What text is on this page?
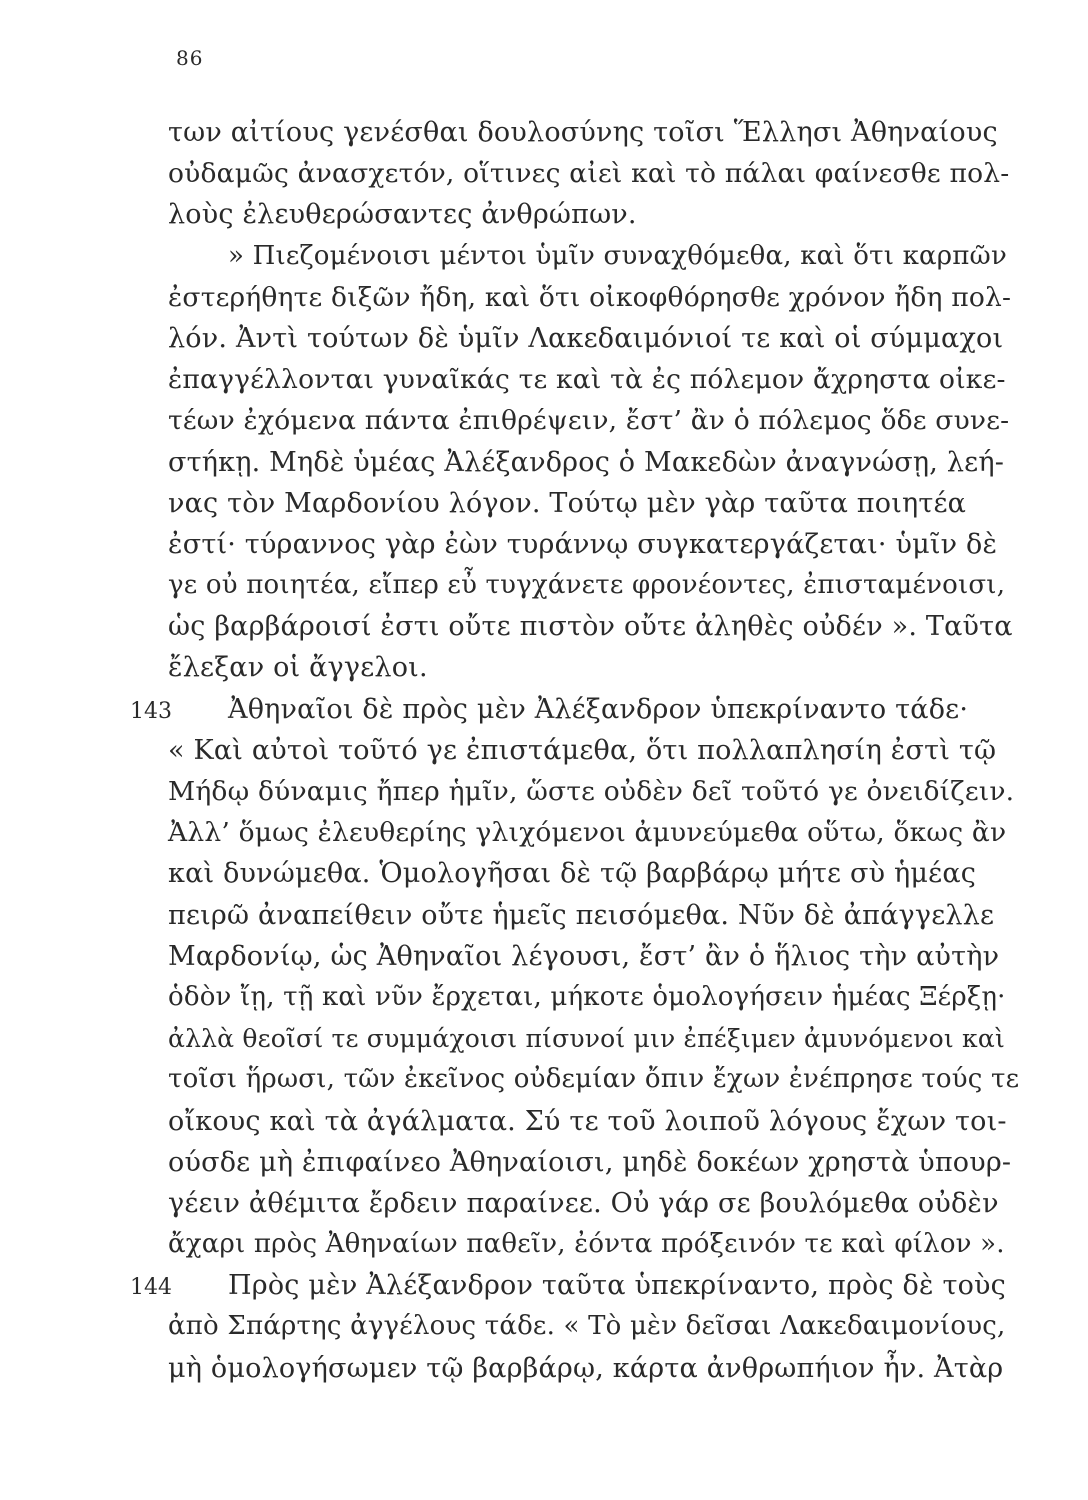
86
143
144
των αἰτίους γενέσθαι δουλοσύνης τοῖσι Ἕλλησι Ἀθηναίους
οὐδαμῶς ἀνασχετόν, οἵτινες αἰεὶ καὶ τὸ πάλαι φαίνεσθε πολ-
λοὺς ἐλευθερώσαντες ἀνθρώπων.
» Πιεζομένοισι μέντοι ὑμῖν συναχθόμεθα, καὶ ὅτι καρπῶν
ἐστερήθητε διξῶν ἤδη, καὶ ὅτι οἰκοφθόρησθε χρόνον ἤδη πολ-
λόν. Ἀντὶ τούτων δὲ ὑμῖν Λακεδαιμόνιοί τε καὶ οἱ σύμμαχοι
ἐπαγγέλλονται γυναῖκάς τε καὶ τὰ ἐς πόλεμον ἄχρηστα οἰκε-
τέων ἐχόμενα πάντα ἐπιθρέψειν, ἔστ’ ἂν ὁ πόλεμος ὅδε συνε-
στήκῃ. Μηδὲ ὑμέας Ἀλέξανδρος ὁ Μακεδὼν ἀναγνώσῃ, λεή-
νας τὸν Μαρδονίου λόγον. Τούτῳ μὲν γὰρ ταῦτα ποιητέα
ἐστί· τύραννος γὰρ ἐὼν τυράννῳ συγκατεργάζεται· ὑμῖν δὲ
γε οὐ ποιητέα, εἴπερ εὖ τυγχάνετε φρονέοντες, ἐπισταμένοισι,
ὡς βαρβάροισί ἐστι οὔτε πιστὸν οὔτε ἀληθὲς οὐδέν ». Ταῦτα
ἔλεξαν οἱ ἄγγελοι.
Ἀθηναῖοι δὲ πρὸς μὲν Ἀλέξανδρον ὑπεκρίναντο τάδε·
« Καὶ αὐτοὶ τοῦτό γε ἐπιστάμεθα, ὅτι πολλαπλησίη ἐστὶ τῷ
Μήδῳ δύναμις ἤπερ ἡμῖν, ὥστε οὐδὲν δεῖ τοῦτό γε ὀνειδίζειν.
Ἀλλ’ ὅμως ἐλευθερίης γλιχόμενοι ἀμυνεύμεθα οὕτω, ὅκως ἂν
καὶ δυνώμεθα. Ὁμολογῆσαι δὲ τῷ βαρβάρῳ μήτε σὺ ἡμέας
πειρῶ ἀναπείθειν οὔτε ἡμεῖς πεισόμεθα. Νῦν δὲ ἀπάγγελλε
Μαρδονίῳ, ὡς Ἀθηναῖοι λέγουσι, ἔστ’ ἂν ὁ ἥλιος τὴν αὐτὴν
ὁδὸν ἴῃ, τῇ καὶ νῦν ἔρχεται, μήκοτε ὁμολογήσειν ἡμέας Ξέρξῃ·
ἀλλὰ θεοῖσί τε συμμάχοισι πίσυνοί μιν ἐπέξιμεν ἀμυνόμενοι καὶ
τοῖσι ἥρωσι, τῶν ἐκεῖνος οὐδεμίαν ὄπιν ἔχων ἐνέπρησε τούς τε
οἴκους καὶ τὰ ἀγάλματα. Σύ τε τοῦ λοιποῦ λόγους ἔχων τοι-
ούσδε μὴ ἐπιφαίνεο Ἀθηναίοισι, μηδὲ δοκέων χρηστὰ ὑπουρ-
γέειν ἀθέμιτα ἔρδειν παραίνεε. Οὐ γάρ σε βουλόμεθα οὐδὲν
ἄχαρι πρὸς Ἀθηναίων παθεῖν, ἐόντα πρόξεινόν τε καὶ φίλον ».
Πρὸς μὲν Ἀλέξανδρον ταῦτα ὑπεκρίναντο, πρὸς δὲ τοὺς
ἀπὸ Σπάρτης ἀγγέλους τάδε. « Τὸ μὲν δεῖσαι Λακεδαιμονίους,
μὴ ὁμολογήσωμεν τῷ βαρβάρῳ, κάρτα ἀνθρωπήιον ἦν. Ἀτὰρ
